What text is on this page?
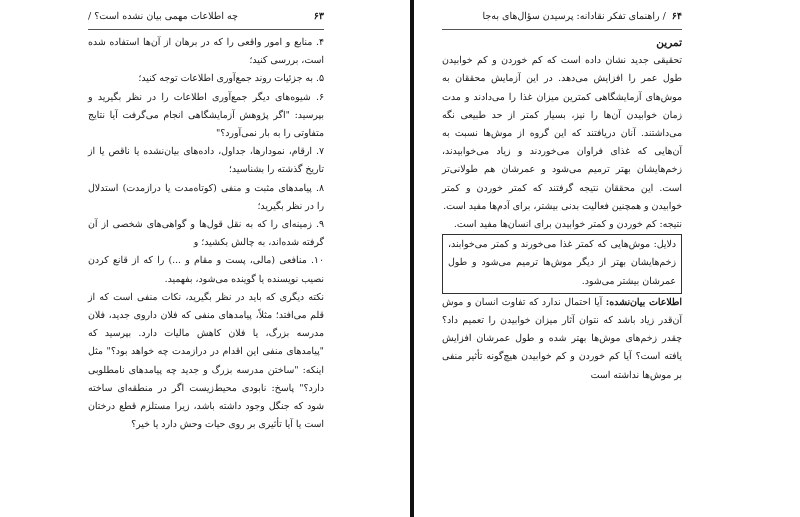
۶۳
چه اطلاعات مهمی بیان نشده است؟ /

۴. منابع و امور واقعی را که در برهان از آن‌ها استفاده شده است، بررسی کنید؛

۵. به جزئیات روند جمع‌آوری اطلاعات توجه کنید؛

۶. شیوه‌های دیگر جمع‌آوری اطلاعات را در نظر بگیرید و بپرسید: "اگر پژوهش آزمایشگاهی انجام می‌گرفت آیا نتایج متفاوتی را به بار نمی‌آورد؟"

۷. ارقام، نمودارها، جداول، داده‌های بیان‌نشده یا ناقص یا از تاریخ گذشته را بشناسید؛

۸. پیامدهای مثبت و منفی (کوتاه‌مدت یا درازمدت) استدلال را در نظر بگیرید؛

۹. زمینه‌ای را که به نقل قول‌ها و گواهی‌های شخصی از آن گرفته شده‌اند، به چالش بکشید؛ و

۱۰. منافعی (مالی، پست و مقام و ...) را که از قانع کردن نصیب نویسنده یا گوینده می‌شود، بفهمید.

نکته دیگری که باید در نظر بگیرید، نکات منفی است که از قلم می‌افتد؛ مثلاً، پیامدهای منفی که فلان داروی جدید، فلان مدرسه بزرگ، یا فلان کاهش مالیات دارد. بپرسید که "پیامدهای منفی این اقدام در درازمدت چه خواهد بود؟" مثل اینکه: "ساختن مدرسه بزرگ و جدید چه پیامدهای نامطلوبی دارد؟" پاسخ: نابودی محیط‌زیست اگر در منطقه‌ای ساخته شود که جنگل وجود داشته باشد، زیرا مستلزم قطع درختان است یا آیا تأثیری بر روی حیات وحش دارد یا خیر؟

۶۴
/ راهنمای تفکر نقادانه: پرسیدن سؤال‌های به‌جا

تمرین

تحقیقی جدید نشان داده است که کم خوردن و کم خوابیدن طول عمر را افزایش می‌دهد. در این آزمایش محققان به موش‌های آزمایشگاهی کمترین میزان غذا را می‌دادند و مدت زمان خوابیدن آن‌ها را نیز، بسیار کمتر از حد طبیعی نگه می‌داشتند. آنان دریافتند که این گروه از موش‌ها نسبت به آن‌هایی که غذای فراوان می‌خوردند و زیاد می‌خوابیدند، زخم‌هایشان بهتر ترمیم می‌شود و عمرشان هم طولانی‌تر است. این محققان نتیجه گرفتند که کمتر خوردن و کمتر خوابیدن و همچنین فعالیت بدنی بیشتر، برای آدم‌ها مفید است.

نتیجه: کم خوردن و کمتر خوابیدن برای انسان‌ها مفید است.

دلایل: موش‌هایی که کمتر غذا می‌خورند و کمتر می‌خوابند، زخم‌هایشان بهتر از دیگر موش‌ها ترمیم می‌شود و طول عمرشان بیشتر می‌شود.

اطلاعات بیان‌نشده: آیا احتمال ندارد که تفاوت انسان و موش آن‌قدر زیاد باشد که نتوان آثار میزان خوابیدن را تعمیم داد؟ چقدر زخم‌های موش‌ها بهتر شده و طول عمرشان افزایش یافته است؟ آیا کم خوردن و کم خوابیدن هیچ‌گونه تأثیر منفی بر موش‌ها نداشته است
